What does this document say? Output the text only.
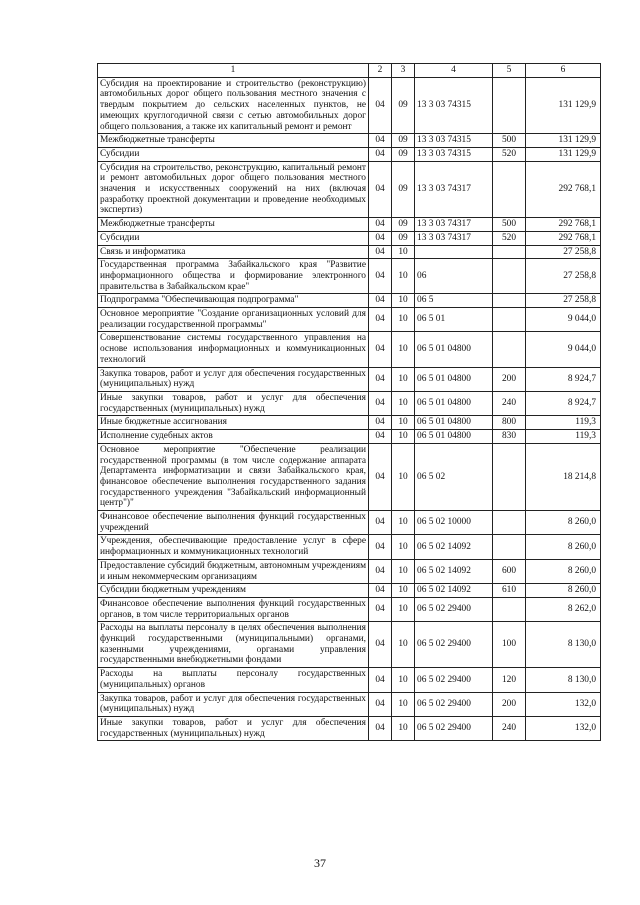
1	2	3	4	5	6
Субсидия на проектирование и строительство (реконструкцию) автомобильных дорог общего пользования местного значения с твердым покрытием до сельских населенных пунктов, не имеющих круглогодичной связи с сетью автомобильных дорог общего пользования, а также их капитальный ремонт и ремонт	04	09	13 3 03 74315		131 129,9
Межбюджетные трансферты	04	09	13 3 03 74315	500	131 129,9
Субсидии	04	09	13 3 03 74315	520	131 129,9
Субсидия на строительство, реконструкцию, капитальный ремонт и ремонт автомобильных дорог общего пользования местного значения и искусственных сооружений на них (включая разработку проектной документации и проведение необходимых экспертиз)	04	09	13 3 03 74317		292 768,1
Межбюджетные трансферты	04	09	13 3 03 74317	500	292 768,1
Субсидии	04	09	13 3 03 74317	520	292 768,1
Связь и информатика	04	10			27 258,8
Государственная программа Забайкальского края "Развитие информационного общества и формирование электронного правительства в Забайкальском крае"	04	10	06		27 258,8
Подпрограмма "Обеспечивающая подпрограмма"	04	10	06 5		27 258,8
Основное мероприятие "Создание организационных условий для реализации государственной программы"	04	10	06 5 01		9 044,0
Совершенствование системы государственного управления на основе использования информационных и коммуникационных технологий	04	10	06 5 01 04800		9 044,0
Закупка товаров, работ и услуг для обеспечения государственных (муниципальных) нужд	04	10	06 5 01 04800	200	8 924,7
Иные закупки товаров, работ и услуг для обеспечения государственных (муниципальных) нужд	04	10	06 5 01 04800	240	8 924,7
Иные бюджетные ассигнования	04	10	06 5 01 04800	800	119,3
Исполнение судебных актов	04	10	06 5 01 04800	830	119,3
Основное мероприятие "Обеспечение реализации государственной программы (в том числе содержание аппарата Департамента информатизации и связи Забайкальского края, финансовое обеспечение выполнения государственного задания государственного учреждения "Забайкальский информационный центр")"	04	10	06 5 02		18 214,8
Финансовое обеспечение выполнения функций государственных учреждений	04	10	06 5 02 10000		8 260,0
Учреждения, обеспечивающие предоставление услуг в сфере информационных и коммуникационных технологий	04	10	06 5 02 14092		8 260,0
Предоставление субсидий бюджетным, автономным учреждениям и иным некоммерческим организациям	04	10	06 5 02 14092	600	8 260,0
Субсидии бюджетным учреждениям	04	10	06 5 02 14092	610	8 260,0
Финансовое обеспечение выполнения функций государственных органов, в том числе территориальных органов	04	10	06 5 02 29400		8 262,0
Расходы на выплаты персоналу в целях обеспечения выполнения функций государственными (муниципальными) органами, казенными учреждениями, органами управления государственными внебюджетными фондами	04	10	06 5 02 29400	100	8 130,0
Расходы на выплаты персоналу государственных (муниципальных) органов	04	10	06 5 02 29400	120	8 130,0
Закупка товаров, работ и услуг для обеспечения государственных (муниципальных) нужд	04	10	06 5 02 29400	200	132,0
Иные закупки товаров, работ и услуг для обеспечения государственных (муниципальных) нужд	04	10	06 5 02 29400	240	132,0
37
